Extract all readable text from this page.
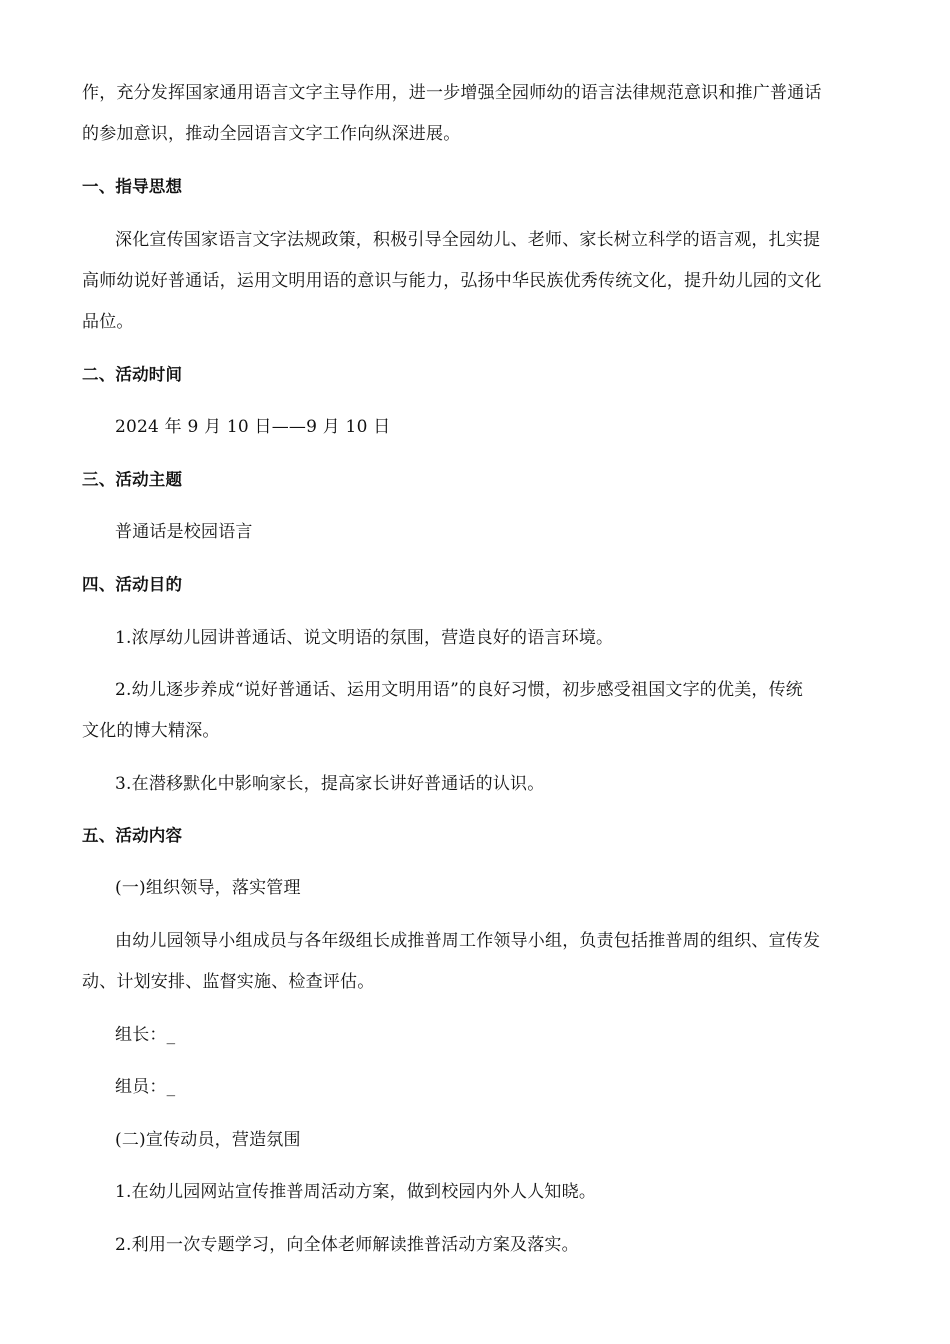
作，充分发挥国家通用语言文字主导作用，进一步增强全园师幼的语言法律规范意识和推广普通话
的参加意识，推动全园语言文字工作向纵深进展。
一、指导思想
深化宣传国家语言文字法规政策，积极引导全园幼儿、老师、家长树立科学的语言观，扎实提
高师幼说好普通话，运用文明用语的意识与能力，弘扬中华民族优秀传统文化，提升幼儿园的文化
品位。
二、活动时间
2024 年 9 月 10 日——9 月 10 日
三、活动主题
普通话是校园语言
四、活动目的
1.浓厚幼儿园讲普通话、说文明语的氛围，营造良好的语言环境。
2.幼儿逐步养成“说好普通话、运用文明用语”的良好习惯，初步感受祖国文字的优美，传统
文化的博大精深。
3.在潜移默化中影响家长，提高家长讲好普通话的认识。
五、活动内容
(一)组织领导，落实管理
由幼儿园领导小组成员与各年级组长成推普周工作领导小组，负责包括推普周的组织、宣传发
动、计划安排、监督实施、检查评估。
组长：_
组员：_
(二)宣传动员，营造氛围
1.在幼儿园网站宣传推普周活动方案，做到校园内外人人知晓。
2.利用一次专题学习，向全体老师解读推普活动方案及落实。
